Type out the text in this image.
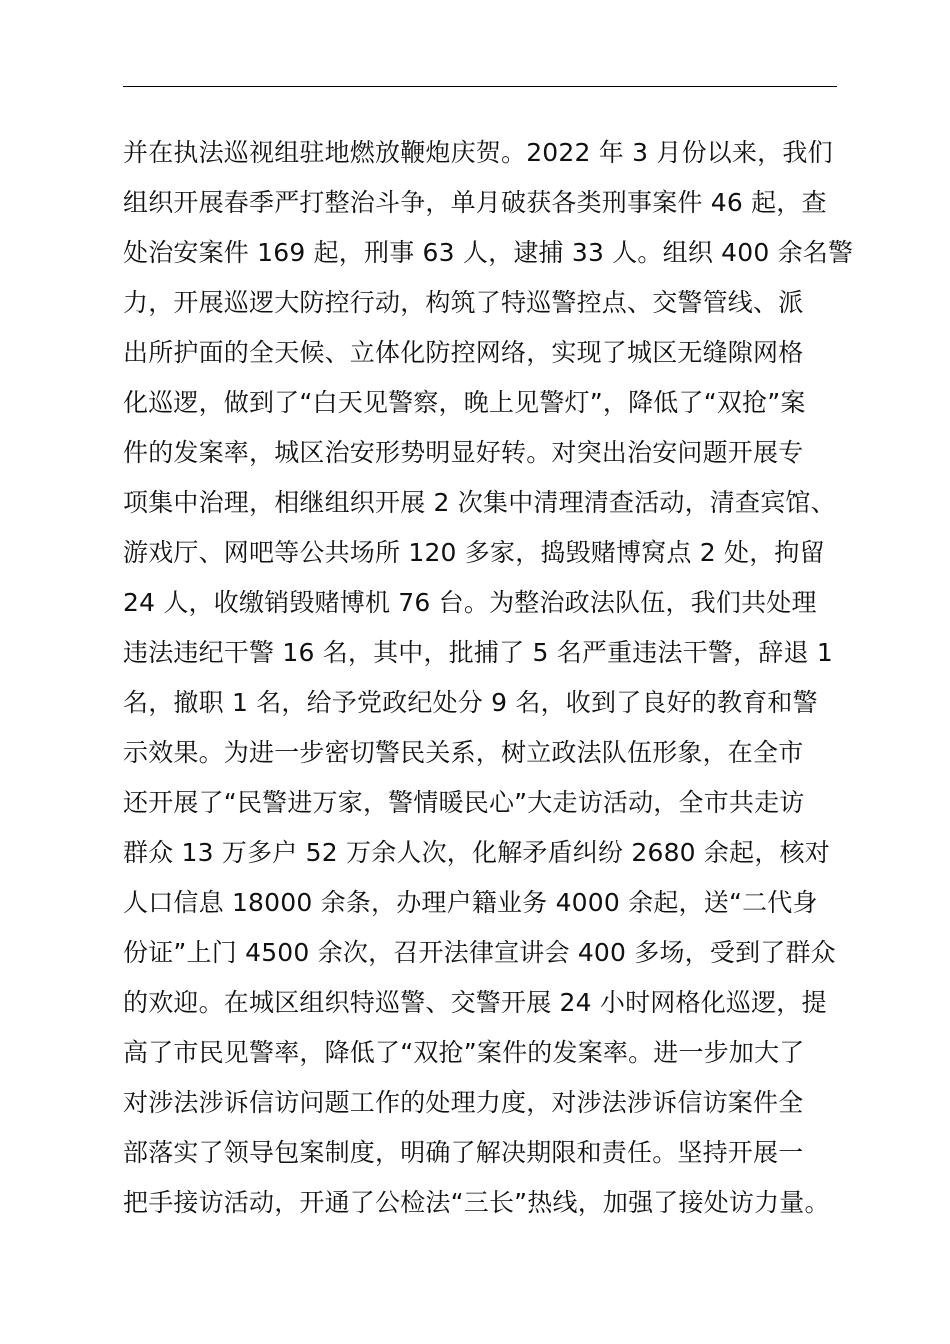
并在执法巡视组驻地燃放鞭炮庆贺。2022 年 3 月份以来，我们
组织开展春季严打整治斗争，单月破获各类刑事案件 46 起，查
处治安案件 169 起，刑事 63 人，逮捕 33 人。组织 400 余名警
力，开展巡逻大防控行动，构筑了特巡警控点、交警管线、派
出所护面的全天候、立体化防控网络，实现了城区无缝隙网格
化巡逻，做到了“白天见警察，晚上见警灯”，降低了“双抢”案
件的发案率，城区治安形势明显好转。对突出治安问题开展专
项集中治理，相继组织开展 2 次集中清理清查活动，清查宾馆、
游戏厅、网吧等公共场所 120 多家，捣毁赌博窝点 2 处，拘留
24 人，收缴销毁赌博机 76 台。为整治政法队伍，我们共处理
违法违纪干警 16 名，其中，批捕了 5 名严重违法干警，辞退 1
名，撤职 1 名，给予党政纪处分 9 名，收到了良好的教育和警
示效果。为进一步密切警民关系，树立政法队伍形象，在全市
还开展了“民警进万家，警情暖民心”大走访活动，全市共走访
群众 13 万多户 52 万余人次，化解矛盾纠纷 2680 余起，核对
人口信息 18000 余条，办理户籍业务 4000 余起，送“二代身
份证”上门 4500 余次，召开法律宣讲会 400 多场，受到了群众
的欢迎。在城区组织特巡警、交警开展 24 小时网格化巡逻，提
高了市民见警率，降低了“双抢”案件的发案率。进一步加大了
对涉法涉诉信访问题工作的处理力度，对涉法涉诉信访案件全
部落实了领导包案制度，明确了解决期限和责任。坚持开展一
把手接访活动，开通了公检法“三长”热线，加强了接处访力量。
